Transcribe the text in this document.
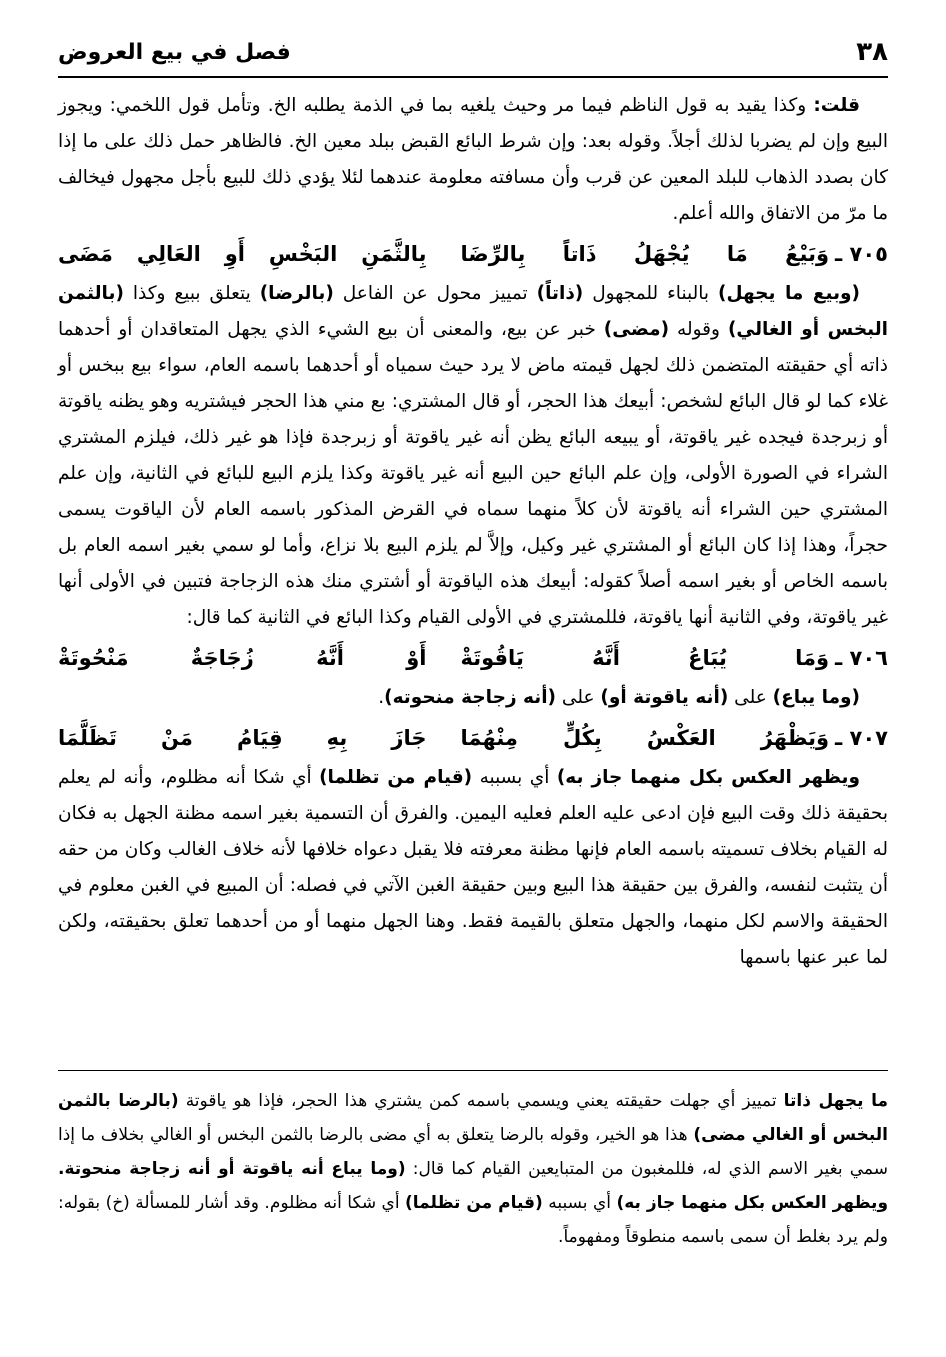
٣٨
فصل في بيع العروض

قلت: وكذا يقيد به قول الناظم فيما مر وحيث يلغيه بما في الذمة يطلبه الخ. وتأمل قول اللخمي: ويجوز البيع وإن لم يضربا لذلك أجلاً. وقوله بعد: وإن شرط البائع القبض ببلد معين الخ. فالظاهر حمل ذلك على ما إذا كان بصدد الذهاب للبلد المعين عن قرب وأن مسافته معلومة عندهما لئلا يؤدي ذلك للبيع بأجل مجهول فيخالف ما مرّ من الاتفاق والله أعلم.

٧٠٥ ـ
وَبَيْعُ مَا يُجْهَلُ ذَاتاً بِالرِّضَا
بِالثَّمَنِ البَخْسِ أَوِ العَالِي مَضَى

(وبيع ما يجهل) بالبناء للمجهول (ذاتاً) تمييز محول عن الفاعل (بالرضا) يتعلق ببيع وكذا (بالثمن البخس أو الغالي) وقوله (مضى) خبر عن بيع، والمعنى أن بيع الشيء الذي يجهل المتعاقدان أو أحدهما ذاته أي حقيقته المتضمن ذلك لجهل قيمته ماض لا يرد حيث سمياه أو أحدهما باسمه العام، سواء بيع ببخس أو غلاء كما لو قال البائع لشخص: أبيعك هذا الحجر، أو قال المشتري: بع مني هذا الحجر فيشتريه وهو يظنه ياقوتة أو زبرجدة فيجده غير ياقوتة، أو يبيعه البائع يظن أنه غير ياقوتة أو زبرجدة فإذا هو غير ذلك، فيلزم المشتري الشراء في الصورة الأولى، وإن علم البائع حين البيع أنه غير ياقوتة وكذا يلزم البيع للبائع في الثانية، وإن علم المشتري حين الشراء أنه ياقوتة لأن كلاً منهما سماه في القرض المذكور باسمه العام لأن الياقوت يسمى حجراً، وهذا إذا كان البائع أو المشتري غير وكيل، وإلاَّ لم يلزم البيع بلا نزاع، وأما لو سمي بغير اسمه العام بل باسمه الخاص أو بغير اسمه أصلاً كقوله: أبيعك هذه الياقوتة أو أشتري منك هذه الزجاجة فتبين في الأولى أنها غير ياقوتة، وفي الثانية أنها ياقوتة، فللمشتري في الأولى القيام وكذا البائع في الثانية كما قال:

٧٠٦ ـ
وَمَا يُبَاعُ أَنَّهُ يَاقُوتَةْ
أَوْ أَنَّهُ زُجَاجَةٌ مَنْحُوتَةْ

(وما يباع) على (أنه ياقوتة أو) على (أنه زجاجة منحوته).

٧٠٧ ـ
وَيَظْهَرُ العَكْسُ بِكُلٍّ مِنْهُمَا
جَازَ بِهِ قِيَامُ مَنْ تَظَلَّمَا

ويظهر العكس بكل منهما جاز به) أي بسببه (قيام من تظلما) أي شكا أنه مظلوم، وأنه لم يعلم بحقيقة ذلك وقت البيع فإن ادعى عليه العلم فعليه اليمين. والفرق أن التسمية بغير اسمه مظنة الجهل به فكان له القيام بخلاف تسميته باسمه العام فإنها مظنة معرفته فلا يقبل دعواه خلافها لأنه خلاف الغالب وكان من حقه أن يتثبت لنفسه، والفرق بين حقيقة هذا البيع وبين حقيقة الغبن الآتي في فصله: أن المبيع في الغبن معلوم في الحقيقة والاسم لكل منهما، والجهل متعلق بالقيمة فقط. وهنا الجهل منهما أو من أحدهما تعلق بحقيقته، ولكن لما عبر عنها باسمها

ما يجهل ذاتا تمييز أي جهلت حقيقته يعني ويسمي باسمه كمن يشتري هذا الحجر، فإذا هو ياقوتة (بالرضا بالثمن البخس أو الغالي مضى) هذا هو الخير، وقوله بالرضا يتعلق به أي مضى بالرضا بالثمن البخس أو الغالي بخلاف ما إذا سمي بغير الاسم الذي له، فللمغبون من المتبايعين القيام كما قال: (وما يباع أنه ياقوتة أو أنه زجاجة منحوتة. ويظهر العكس بكل منهما جاز به) أي بسببه (قيام من تظلما) أي شكا أنه مظلوم. وقد أشار للمسألة (خ) بقوله: ولم يرد بغلط أن سمى باسمه منطوقاً ومفهوماً.
